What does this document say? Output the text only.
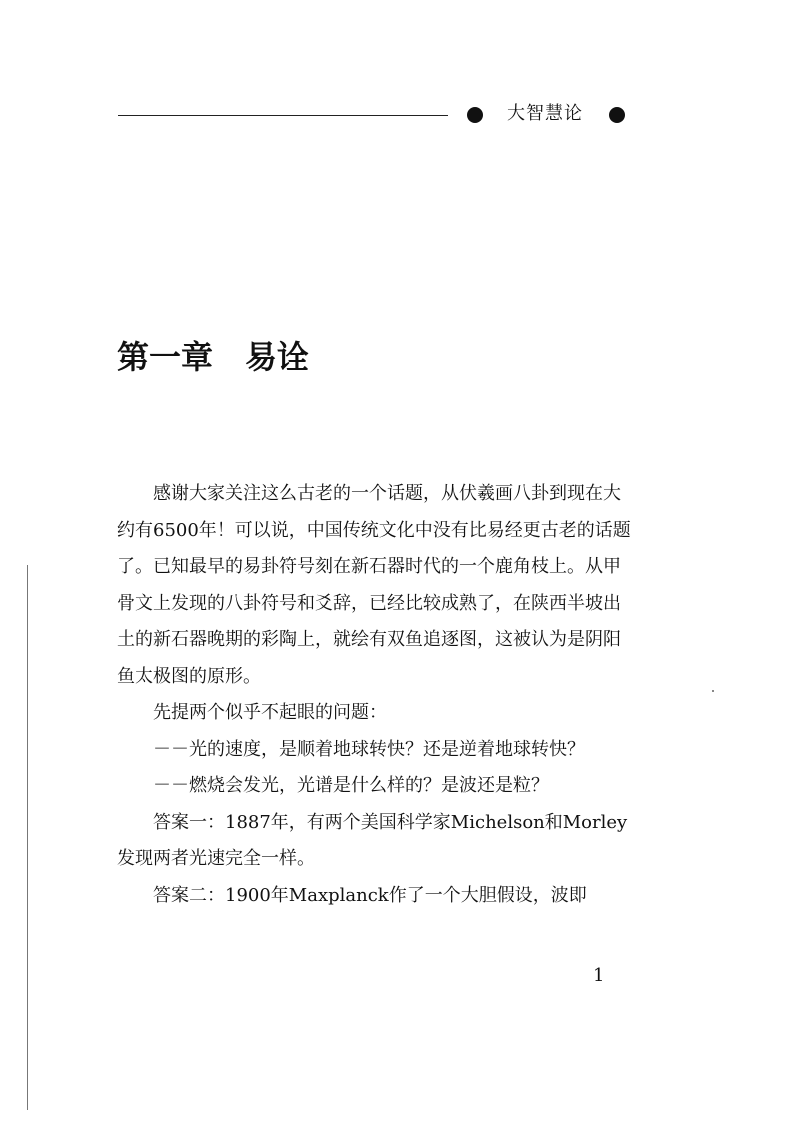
大智慧论
第一章　易诠

感谢大家关注这么古老的一个话题，从伏羲画八卦到现在大约有6500年！可以说，中国传统文化中没有比易经更古老的话题了。已知最早的易卦符号刻在新石器时代的一个鹿角枝上。从甲骨文上发现的八卦符号和爻辞，已经比较成熟了，在陕西半坡出土的新石器晚期的彩陶上，就绘有双鱼追逐图，这被认为是阴阳鱼太极图的原形。

先提两个似乎不起眼的问题：

－－光的速度，是顺着地球转快？还是逆着地球转快？

－－燃烧会发光，光谱是什么样的？是波还是粒？

答案一：1887年，有两个美国科学家Michelson和Morley发现两者光速完全一样。

答案二：1900年Maxplanck作了一个大胆假设，波即

1
